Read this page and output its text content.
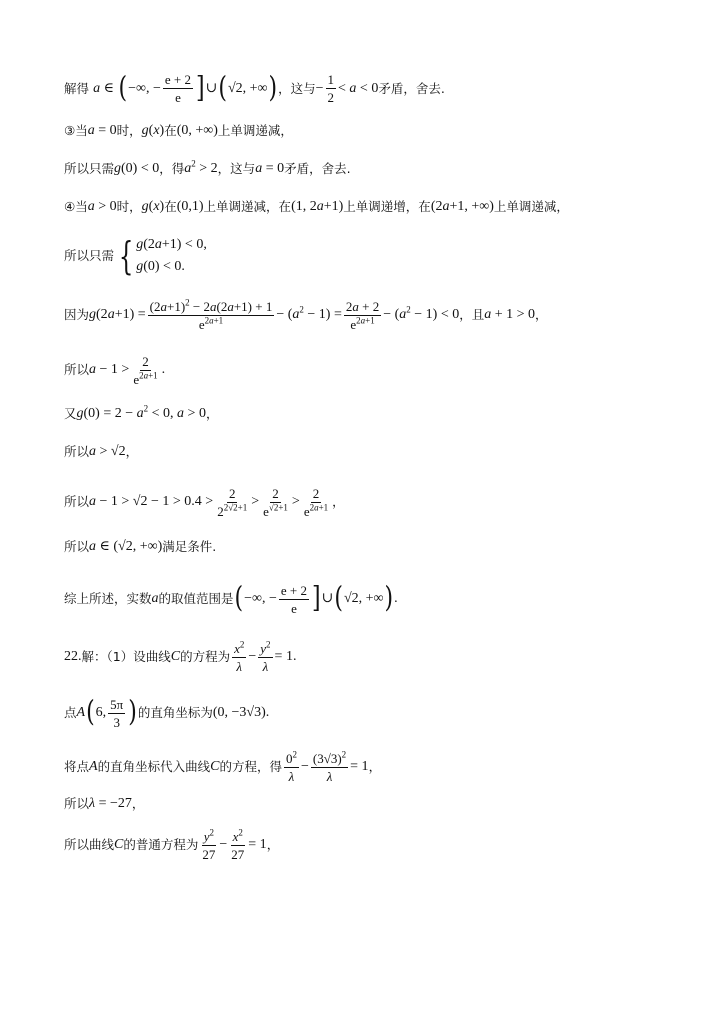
解得
a ∈ ( −∞, − $\frac{e + 2}{e}$ ] ∪ ( √2, +∞ ) ，这与 − $\frac{1}{2} < a < 0$ 矛盾，舍去.
③当 a = 0 时， g(x) 在 (0, +∞) 上单调递减，
所以只需 g(0) < 0 ，得 $a^2 > 2$ ，这与 a = 0 矛盾，舍去.
④当 a > 0 时， g(x) 在 (0,1) 上单调递减，在 (1, 2a+1) 上单调递增，在 (2a+1, +∞) 上单调递减，
所以只需 { g(2a+1) < 0,
g(0) < 0.
因为 $g(2a+1) = \frac{(2a+1)^2 - 2a(2a+1) + 1}{e^{2a+1}} - (a^2 - 1) = \frac{2a + 2}{e^{2a+1}} - (a^2 - 1) < 0$ ，且 a + 1 > 0 ，
所以 $a - 1 > \frac{2}{e^{2a+1}}$ .
又 $g(0) = 2 - a^2 < 0$, a > 0 ，
所以 a > √2 ，
所以 $a - 1 > √2 - 1 > 0.4 > \frac{2}{2^{2√2+1}} > \frac{2}{e^{√2+1}} > \frac{2}{e^{2a+1}}$ ，
所以 a ∈ (√2, +∞) 满足条件.
综上所述，实数 a 的取值范围是 ( −∞, − $\frac{e + 2}{e}$ ] ∪ ( √2, +∞ ) .
22. 解：（1）设曲线 C 的方程为 $\frac{x^2}{\lambda} - \frac{y^2}{\lambda} = 1$.
点 A ( 6, $\frac{5\pi}{3}$ ) 的直角坐标为 (0, −3√3).
将点 A 的直角坐标代入曲线 C 的方程，得 $\frac{0^2}{\lambda} - \frac{(3√3)^2}{\lambda} = 1$ ，
所以 λ = −27 ，
所以曲线 C 的普通方程为 $\frac{y^2}{27} - \frac{x^2}{27} = 1$ ，
